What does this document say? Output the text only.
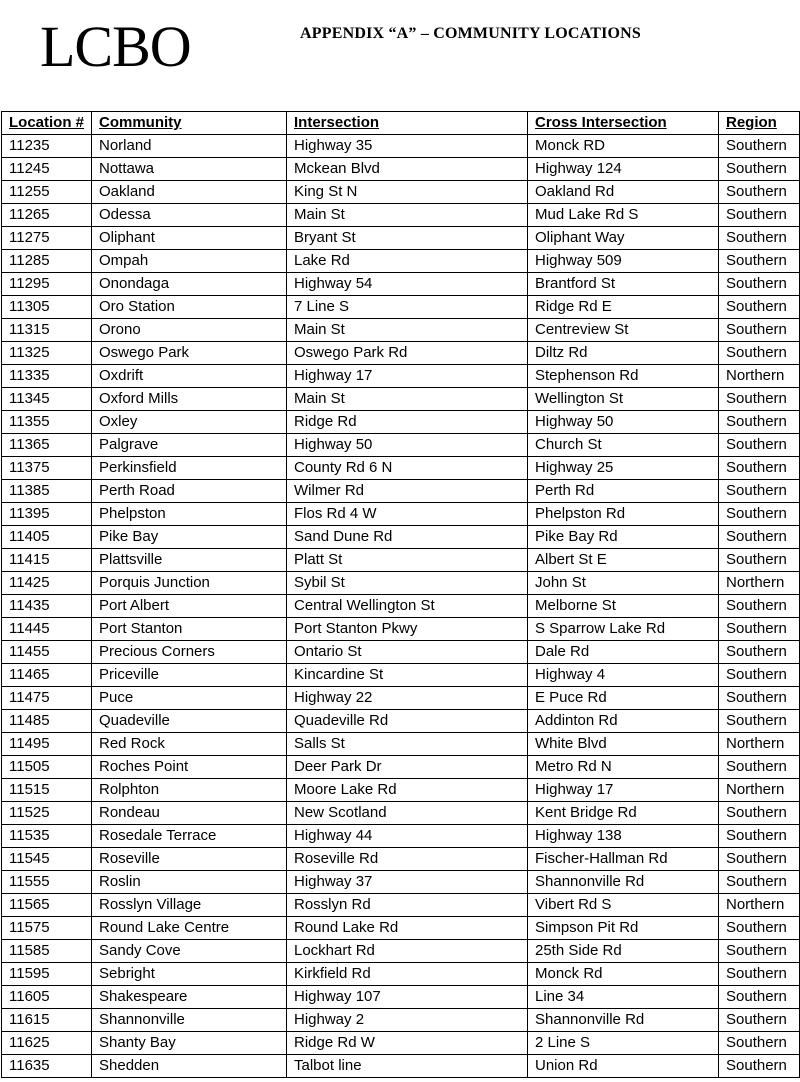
LCBO	APPENDIX “A” – COMMUNITY LOCATIONS
Location #	Community	Intersection	Cross Intersection	Region
11235	Norland	Highway 35	Monck RD	Southern
11245	Nottawa	Mckean Blvd	Highway 124	Southern
11255	Oakland	King St N	Oakland Rd	Southern
11265	Odessa	Main St	Mud Lake Rd S	Southern
11275	Oliphant	Bryant St	Oliphant Way	Southern
11285	Ompah	Lake Rd	Highway 509	Southern
11295	Onondaga	Highway 54	Brantford St	Southern
11305	Oro Station	7 Line S	Ridge Rd E	Southern
11315	Orono	Main St	Centreview St	Southern
11325	Oswego Park	Oswego Park Rd	Diltz Rd	Southern
11335	Oxdrift	Highway 17	Stephenson Rd	Northern
11345	Oxford Mills	Main St	Wellington St	Southern
11355	Oxley	Ridge Rd	Highway 50	Southern
11365	Palgrave	Highway 50	Church St	Southern
11375	Perkinsfield	County Rd 6 N	Highway 25	Southern
11385	Perth Road	Wilmer Rd	Perth Rd	Southern
11395	Phelpston	Flos Rd 4 W	Phelpston Rd	Southern
11405	Pike Bay	Sand Dune Rd	Pike Bay Rd	Southern
11415	Plattsville	Platt St	Albert St E	Southern
11425	Porquis Junction	Sybil St	John St	Northern
11435	Port Albert	Central Wellington St	Melborne St	Southern
11445	Port Stanton	Port Stanton Pkwy	S Sparrow Lake Rd	Southern
11455	Precious Corners	Ontario St	Dale Rd	Southern
11465	Priceville	Kincardine St	Highway 4	Southern
11475	Puce	Highway 22	E Puce Rd	Southern
11485	Quadeville	Quadeville Rd	Addinton Rd	Southern
11495	Red Rock	Salls St	White Blvd	Northern
11505	Roches Point	Deer Park Dr	Metro Rd N	Southern
11515	Rolphton	Moore Lake Rd	Highway 17	Northern
11525	Rondeau	New Scotland	Kent Bridge Rd	Southern
11535	Rosedale Terrace	Highway 44	Highway 138	Southern
11545	Roseville	Roseville Rd	Fischer-Hallman Rd	Southern
11555	Roslin	Highway 37	Shannonville Rd	Southern
11565	Rosslyn Village	Rosslyn Rd	Vibert Rd S	Northern
11575	Round Lake Centre	Round Lake Rd	Simpson Pit Rd	Southern
11585	Sandy Cove	Lockhart Rd	25th Side Rd	Southern
11595	Sebright	Kirkfield Rd	Monck Rd	Southern
11605	Shakespeare	Highway 107	Line 34	Southern
11615	Shannonville	Highway 2	Shannonville Rd	Southern
11625	Shanty Bay	Ridge Rd W	2 Line S	Southern
11635	Shedden	Talbot line	Union Rd	Southern
